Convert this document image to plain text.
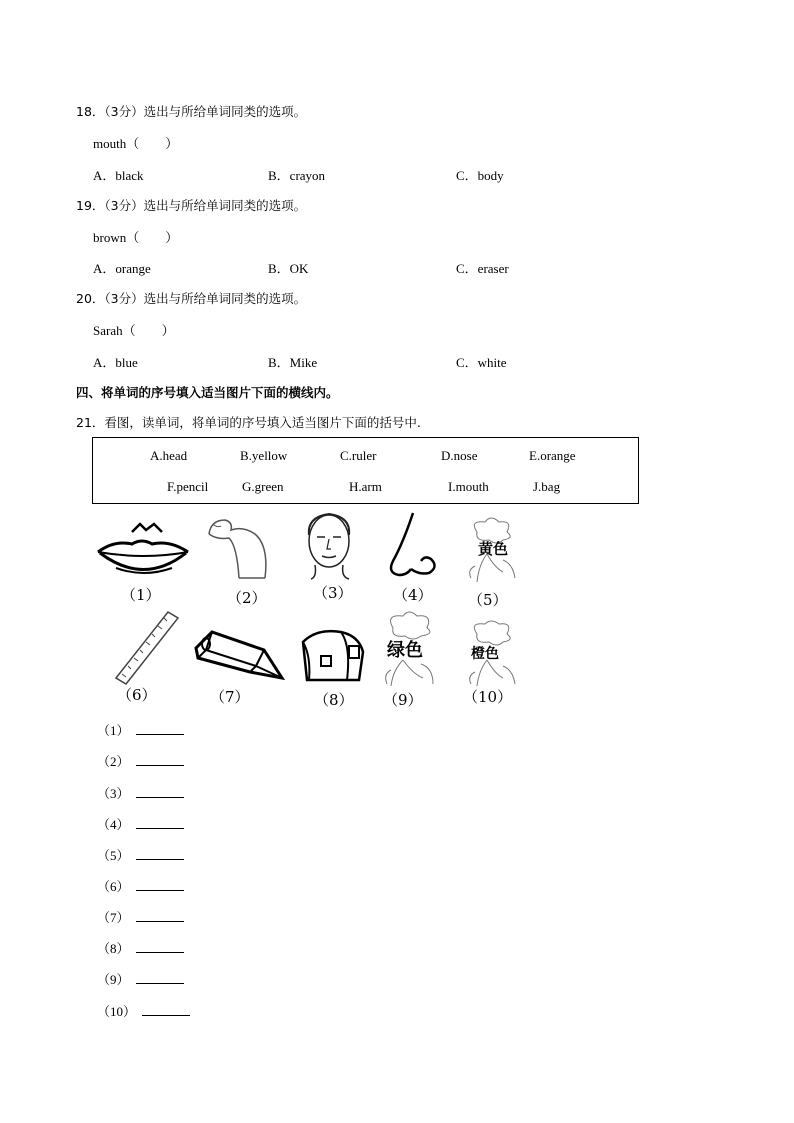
18．（3分）选出与所给单词同类的选项。
mouth（　　）
A．black	B．crayon	C．body
19．（3分）选出与所给单词同类的选项。
brown（　　）
A．orange	B．OK	C．eraser
20．（3分）选出与所给单词同类的选项。
Sarah（　　）
A．blue	B．Mike	C．white
四、将单词的序号填入适当图片下面的横线内。
21．看图，读单词，将单词的序号填入适当图片下面的括号中.
A.head	B.yellow	C.ruler	D.nose	E.orange
F.pencil	G.green	H.arm	I.mouth	J.bag
黄色
（1）	（2）	（3）	（4） （5）
绿色	橙色
（6）	（7）	（8） （9）	（10）
（1）
（2）
（3）
（4）
（5）
（6）
（7）
（8）
（9）
（10）
